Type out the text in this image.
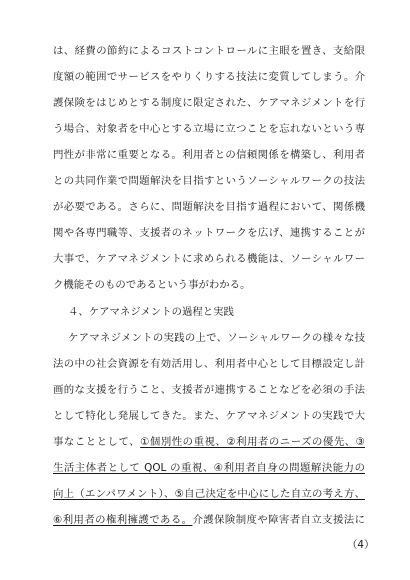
は、経費の節約によるコストコントロールに主眼を置き、支給限
度額の範囲でサービスをやりくりする技法に変質してしまう。介
護保険をはじめとする制度に限定された、ケアマネジメントを行
う場合、対象者を中心とする立場に立つことを忘れないという専
門性が非常に重要となる。利用者との信頼関係を構築し、利用者
との共同作業で問題解決を目指すというソーシャルワークの技法
が必要である。さらに、問題解決を目指す過程において、関係機
関や各専門職等、支援者のネットワークを広げ、連携することが
大事で、ケアマネジメントに求められる機能は、ソーシャルワー
ク機能そのものであるという事がわかる。
４、ケアマネジメントの過程と実践
ケアマネジメントの実践の上で、ソーシャルワークの様々な技
法の中の社会資源を有効活用し、利用者中心として目標設定し計
画的な支援を行うこと、支援者が連携することなどを必須の手法
として特化し発展してきた。また、ケアマネジメントの実践で大
事なこととして、①個別性の重視、②利用者のニーズの優先、③
生活主体者として QOL の重視、④利用者自身の問題解決能力の
向上（エンパワメント）、⑤自己決定を中心にした自立の考え方、
⑥利用者の権利擁護である。介護保険制度や障害者自立支援法に
（4）
